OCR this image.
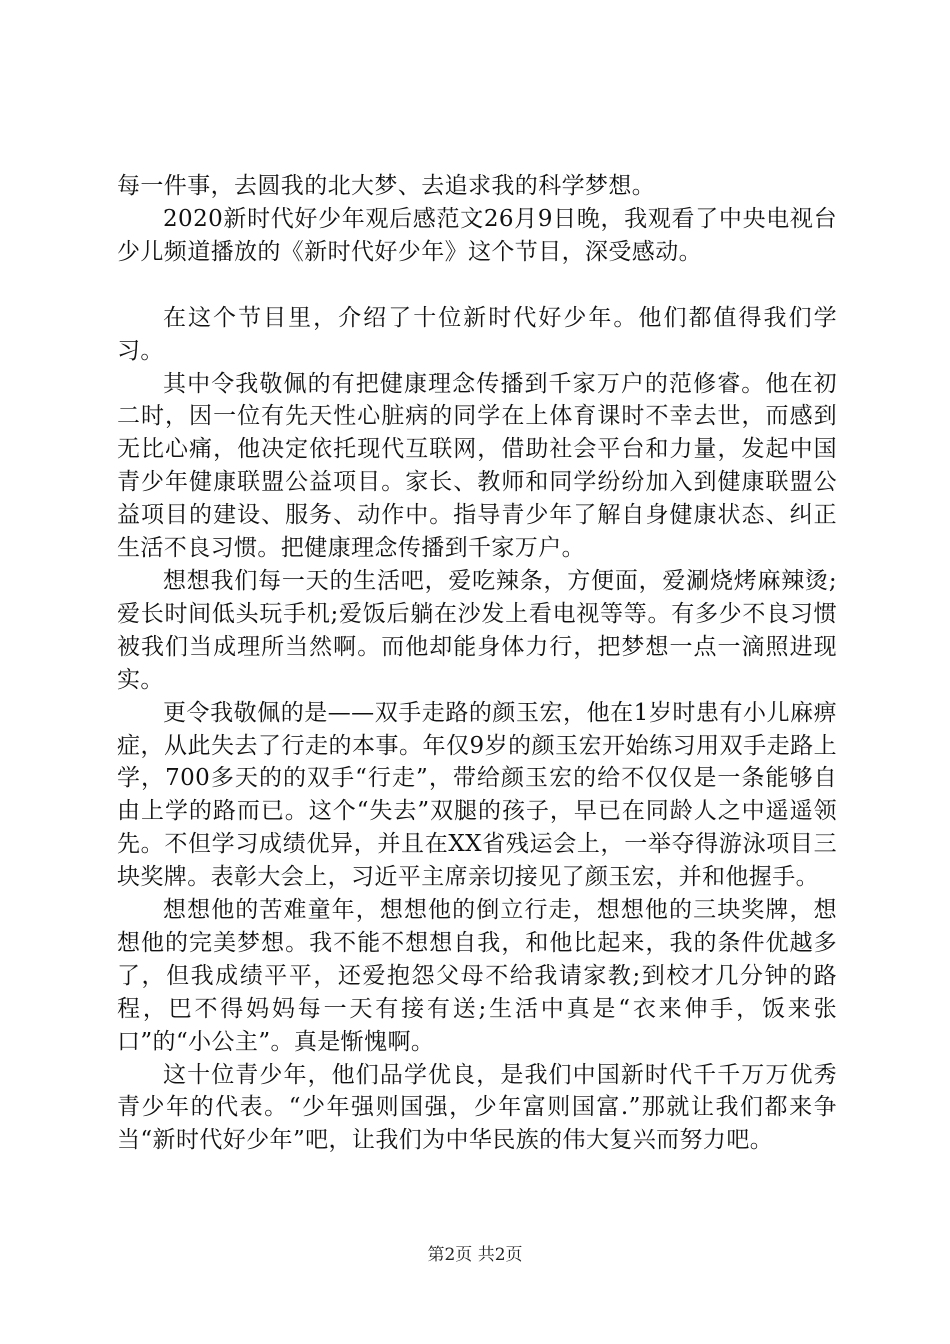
每一件事，去圆我的北大梦、去追求我的科学梦想。

2020新时代好少年观后感范文26月9日晚，我观看了中央电视台少儿频道播放的《新时代好少年》这个节目，深受感动。

在这个节目里，介绍了十位新时代好少年。他们都值得我们学习。

其中令我敬佩的有把健康理念传播到千家万户的范修睿。他在初二时，因一位有先天性心脏病的同学在上体育课时不幸去世，而感到无比心痛，他决定依托现代互联网，借助社会平台和力量，发起中国青少年健康联盟公益项目。家长、教师和同学纷纷加入到健康联盟公益项目的建设、服务、动作中。指导青少年了解自身健康状态、纠正生活不良习惯。把健康理念传播到千家万户。

想想我们每一天的生活吧，爱吃辣条，方便面，爱涮烧烤麻辣烫;爱长时间低头玩手机;爱饭后躺在沙发上看电视等等。有多少不良习惯被我们当成理所当然啊。而他却能身体力行，把梦想一点一滴照进现实。

更令我敬佩的是——双手走路的颜玉宏，他在1岁时患有小儿麻痹症，从此失去了行走的本事。年仅9岁的颜玉宏开始练习用双手走路上学，700多天的的双手“行走”，带给颜玉宏的给不仅仅是一条能够自由上学的路而已。这个“失去”双腿的孩子，早已在同龄人之中遥遥领先。不但学习成绩优异，并且在XX省残运会上，一举夺得游泳项目三块奖牌。表彰大会上，习近平主席亲切接见了颜玉宏，并和他握手。

想想他的苦难童年，想想他的倒立行走，想想他的三块奖牌，想想他的完美梦想。我不能不想想自我，和他比起来，我的条件优越多了，但我成绩平平，还爱抱怨父母不给我请家教;到校才几分钟的路程，巴不得妈妈每一天有接有送;生活中真是“衣来伸手，饭来张口”的“小公主”。真是惭愧啊。

这十位青少年，他们品学优良，是我们中国新时代千千万万优秀青少年的代表。“少年强则国强，少年富则国富.”那就让我们都来争当“新时代好少年”吧，让我们为中华民族的伟大复兴而努力吧。

第2页 共2页
